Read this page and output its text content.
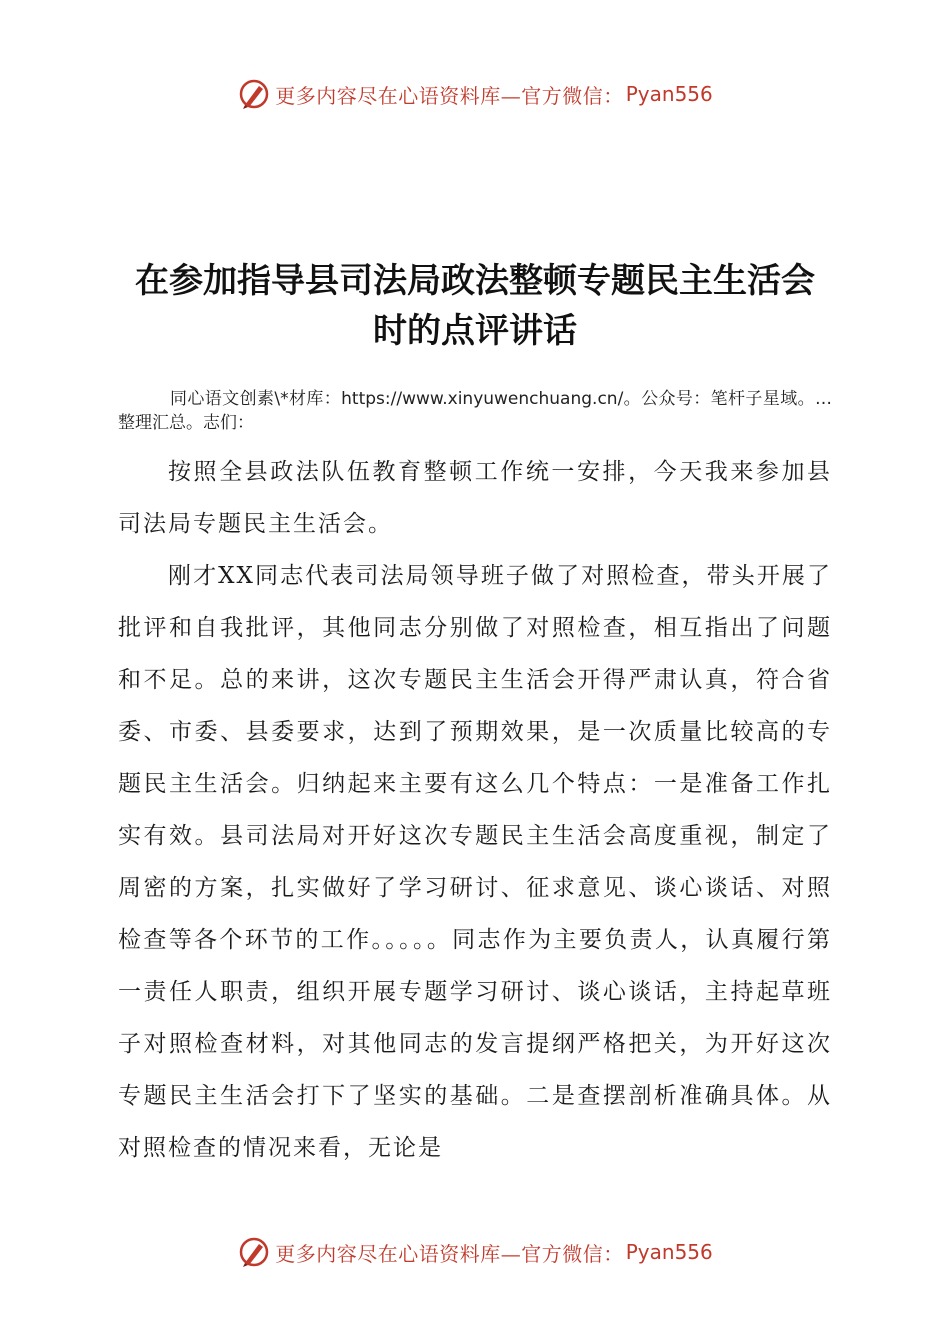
更多内容尽在心语资料库—官方微信： Pyan556
在参加指导县司法局政法整顿专题民主生活会
时的点评讲话
同心语文创素\*材库：https://www.xinyuwenchuang.cn/。公众号：笔杆子星域。…整理汇总。志们：

按照全县政法队伍教育整顿工作统一安排，今天我来参加县司法局专题民主生活会。

刚才XX同志代表司法局领导班子做了对照检查，带头开展了批评和自我批评，其他同志分别做了对照检查，相互指出了问题和不足。总的来讲，这次专题民主生活会开得严肃认真，符合省委、市委、县委要求，达到了预期效果，是一次质量比较高的专题民主生活会。归纳起来主要有这么几个特点：一是准备工作扎实有效。县司法局对开好这次专题民主生活会高度重视，制定了周密的方案，扎实做好了学习研讨、征求意见、谈心谈话、对照检查等各个环节的工作。。。。。同志作为主要负责人，认真履行第一责任人职责，组织开展专题学习研讨、谈心谈话，主持起草班子对照检查材料，对其他同志的发言提纲严格把关，为开好这次专题民主生活会打下了坚实的基础。二是查摆剖析准确具体。从对照检查的情况来看，无论是

更多内容尽在心语资料库—官方微信： Pyan556
